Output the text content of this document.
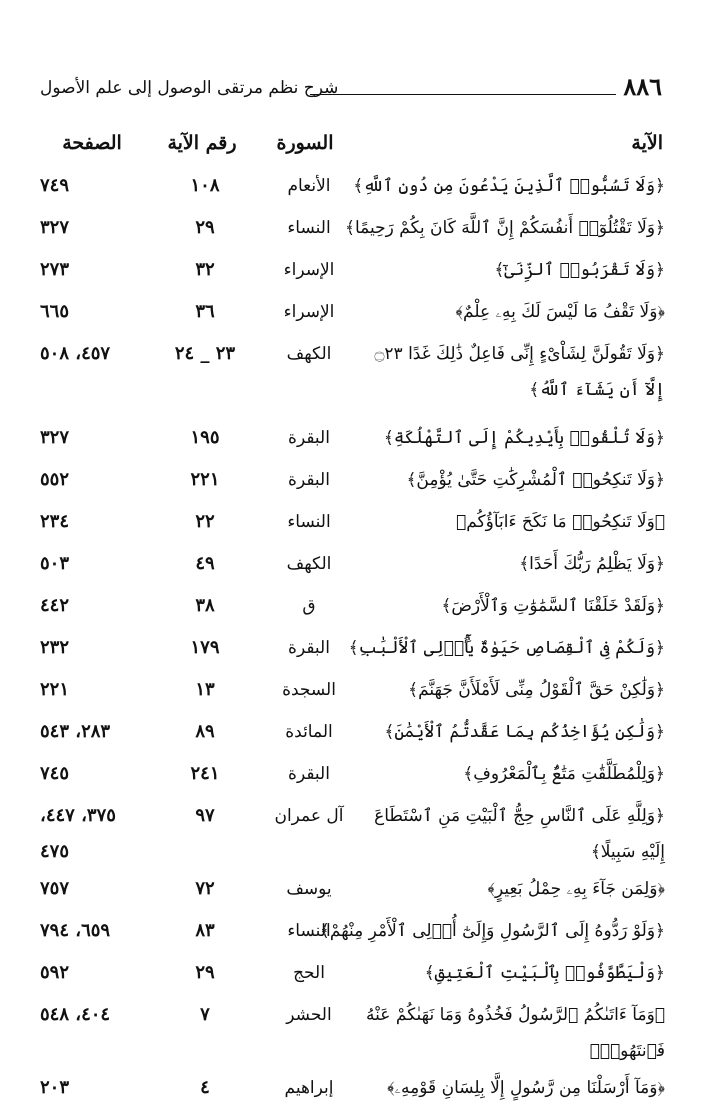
٨٨٦
شرح نظم مرتقى الوصول إلى علم الأصول
الآية
السورة
رقم الآية
الصفحة
﴿وَلَا تَسُبُّوا۟ ٱلَّذِينَ يَدْعُونَ مِن دُونِ ٱللَّهِ﴾
الأنعام
١٠٨
٧٤٩
﴿وَلَا تَقْتُلُوٓا۟ أَنفُسَكُمْ إِنَّ ٱللَّهَ كَانَ بِكُمْ رَحِيمًا﴾
النساء
٢٩
٣٢٧
﴿وَلَا تَقْرَبُوا۟ ٱلزِّنَىٰٓ﴾
الإسراء
٣٢
٢٧٣
﴿وَلَا تَقْفُ مَا لَيْسَ لَكَ بِهِۦ عِلْمٌ﴾
الإسراء
٣٦
٦٦٥
﴿وَلَا تَقُولَنَّ لِشَاْىْءٍ إِنِّى فَاعِلٌ ذَٰلِكَ غَدًا ۝٢٣ إِلَّآ أَن يَشَآءَ ٱللَّهُ﴾
الكهف
٢٣ _ ٢٤
٤٥٧، ٥٠٨
﴿وَلَا تُلْقُوا۟ بِأَيْدِيكُمْ إِلَى ٱلتَّهْلُكَةِ﴾
البقرة
١٩٥
٣٢٧
﴿وَلَا تَنكِحُوا۟ ٱلْمُشْرِكَٰتِ حَتَّىٰ يُؤْمِنَّ﴾
البقرة
٢٢١
٥٥٢
﴿وَلَا تَنكِحُوا۟ مَا نَكَحَ ءَابَآؤُكُم﴾
النساء
٢٢
٢٣٤
﴿وَلَا يَظْلِمُ رَبُّكَ أَحَدًا﴾
الكهف
٤٩
٥٠٣
﴿وَلَقَدْ خَلَقْنَا ٱلسَّمَٰوَٰتِ وَٱلْأَرْضَ﴾
ق
٣٨
٤٤٢
﴿وَلَكُمْ فِى ٱلْقِصَاصِ حَيَوٰةٌ يَٰٓأُو۟لِى ٱلْأَلْبَٰبِ﴾
البقرة
١٧٩
٢٣٢
﴿وَلَٰكِنْ حَقَّ ٱلْقَوْلُ مِنِّى لَأَمْلَأَنَّ جَهَنَّمَ﴾
السجدة
١٣
٢٢١
﴿وَلَٰكِن يُؤَاخِذُكُم بِمَا عَقَّدتُّمُ ٱلْأَيْمَٰنَ﴾
المائدة
٨٩
٢٨٣، ٥٤٣
﴿وَلِلْمُطَلَّقَٰتِ مَتَٰعٌۢ بِٱلْمَعْرُوفِ﴾
البقرة
٢٤١
٧٤٥
﴿وَلِلَّهِ عَلَى ٱلنَّاسِ حِجُّ ٱلْبَيْتِ مَنِ ٱسْتَطَاعَ إِلَيْهِ سَبِيلًا﴾
آل عمران
٩٧
٣٧٥، ٤٤٧، ٤٧٥
﴿وَلِمَن جَآءَ بِهِۦ حِمْلُ بَعِيرٍ﴾
يوسف
٧٢
٧٥٧
﴿وَلَوْ رَدُّوهُ إِلَى ٱلرَّسُولِ وَإِلَىٰٓ أُو۟لِى ٱلْأَمْرِ مِنْهُمْ﴾
النساء
٨٣
٦٥٩، ٧٩٤
﴿وَلْيَطَّوَّفُوا۟ بِٱلْبَيْتِ ٱلْعَتِيقِ﴾
الحج
٢٩
٥٩٢
﴿وَمَآ ءَاتَىٰكُمُ ٱلرَّسُولُ فَخُذُوهُ وَمَا نَهَىٰكُمْ عَنْهُ فَٱنتَهُوا۟﴾
الحشر
٧
٤٠٤، ٥٤٨
﴿وَمَآ أَرْسَلْنَا مِن رَّسُولٍ إِلَّا بِلِسَانِ قَوْمِهِۦ﴾
إبراهيم
٤
٢٠٣
